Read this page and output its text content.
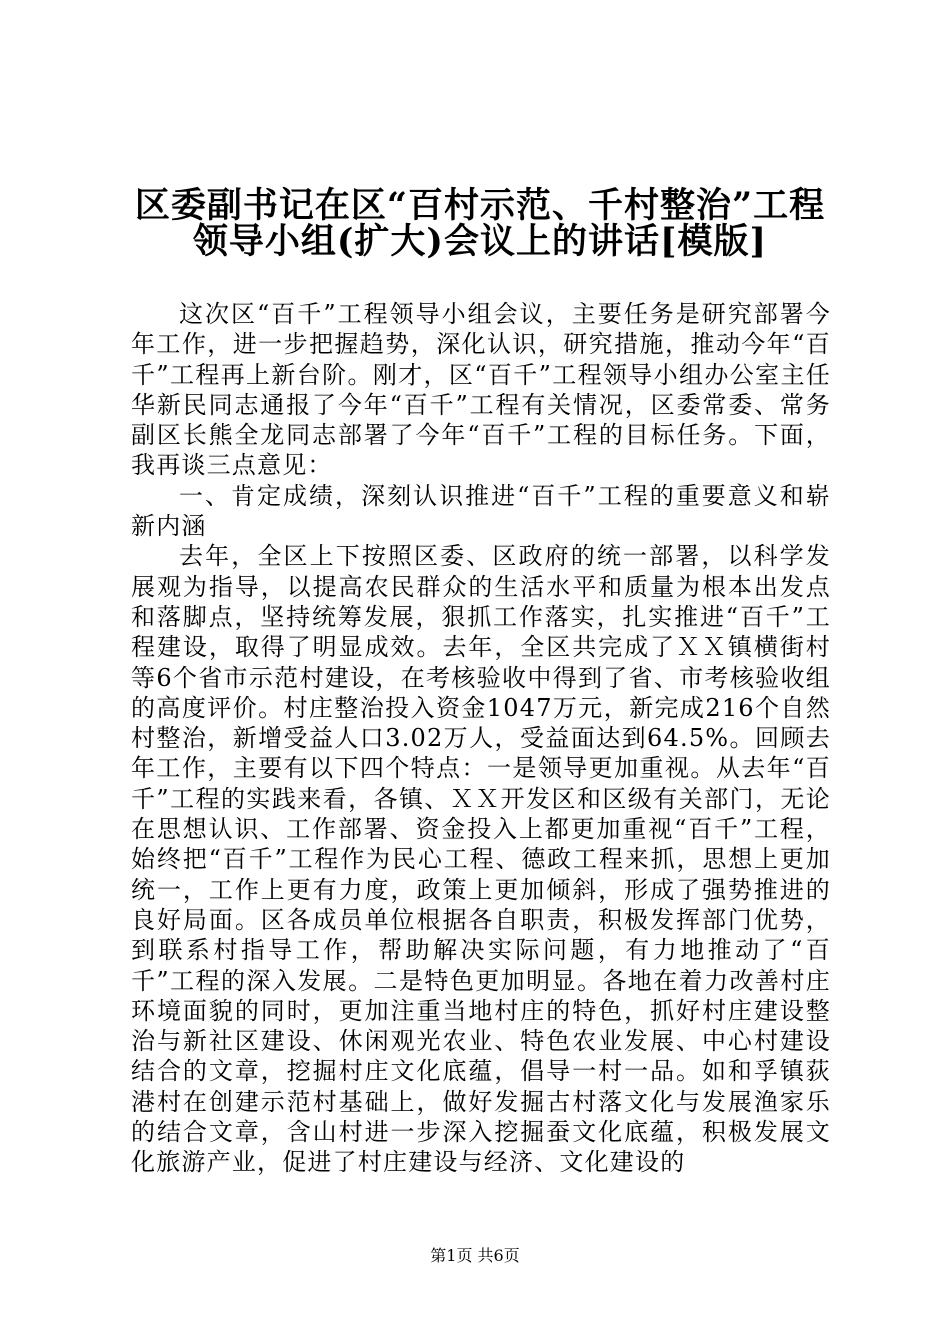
区委副书记在区“百村示范、千村整治”工程
领导小组(扩大)会议上的讲话[模版]

这次区“百千”工程领导小组会议，主要任务是研究部署今年工作，进一步把握趋势，深化认识，研究措施，推动今年“百千”工程再上新台阶。刚才，区“百千”工程领导小组办公室主任华新民同志通报了今年“百千”工程有关情况，区委常委、常务副区长熊全龙同志部署了今年“百千”工程的目标任务。下面，我再谈三点意见：

一、肯定成绩，深刻认识推进“百千”工程的重要意义和崭新内涵

去年，全区上下按照区委、区政府的统一部署，以科学发展观为指导，以提高农民群众的生活水平和质量为根本出发点和落脚点，坚持统筹发展，狠抓工作落实，扎实推进“百千”工程建设，取得了明显成效。去年，全区共完成了ＸＸ镇横街村等6个省市示范村建设，在考核验收中得到了省、市考核验收组的高度评价。村庄整治投入资金1047万元，新完成216个自然村整治，新增受益人口3.02万人，受益面达到64.5%。回顾去年工作，主要有以下四个特点：一是领导更加重视。从去年“百千”工程的实践来看，各镇、ＸＸ开发区和区级有关部门，无论在思想认识、工作部署、资金投入上都更加重视“百千”工程，始终把“百千”工程作为民心工程、德政工程来抓，思想上更加统一，工作上更有力度，政策上更加倾斜，形成了强势推进的良好局面。区各成员单位根据各自职责，积极发挥部门优势，到联系村指导工作，帮助解决实际问题，有力地推动了“百千”工程的深入发展。二是特色更加明显。各地在着力改善村庄环境面貌的同时，更加注重当地村庄的特色，抓好村庄建设整治与新社区建设、休闲观光农业、特色农业发展、中心村建设结合的文章，挖掘村庄文化底蕴，倡导一村一品。如和孚镇荻港村在创建示范村基础上，做好发掘古村落文化与发展渔家乐的结合文章，含山村进一步深入挖掘蚕文化底蕴，积极发展文化旅游产业，促进了村庄建设与经济、文化建设的

第1页 共6页
